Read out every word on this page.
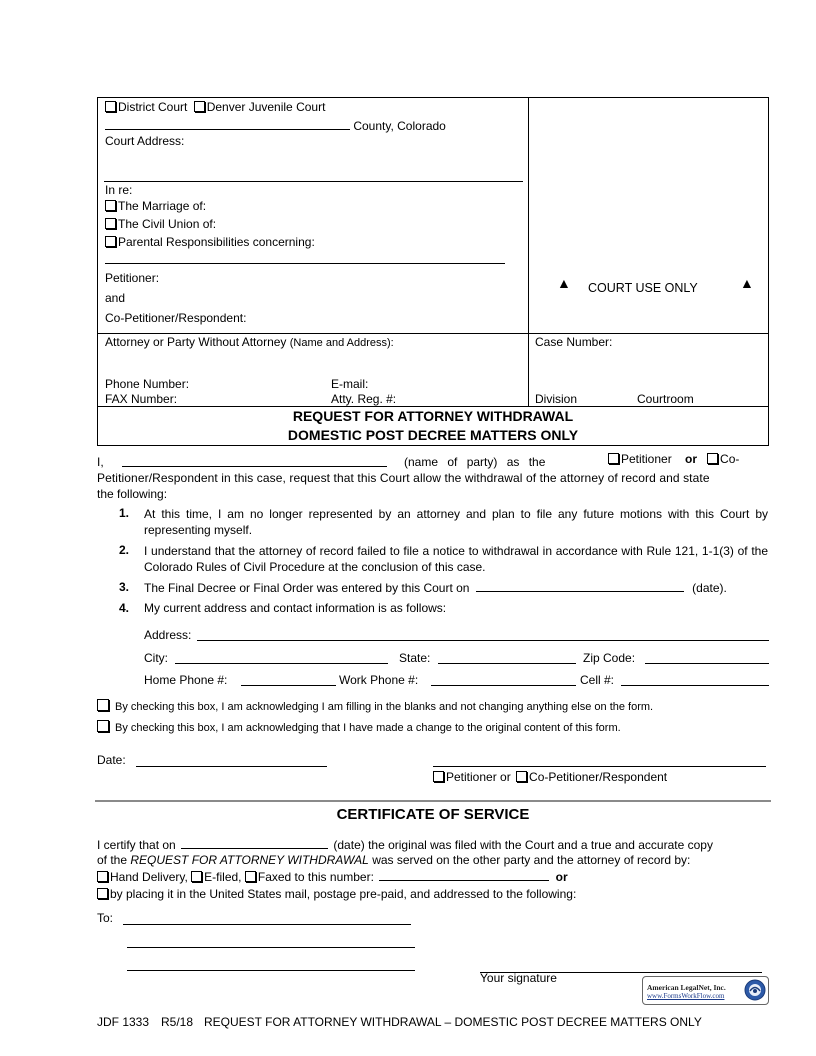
District Court Denver Juvenile Court
County, Colorado
Court Address:
In re:
The Marriage of:
The Civil Union of:
Parental Responsibilities concerning:
Petitioner:
and
Co-Petitioner/Respondent:
▲ COURT USE ONLY	▲
Attorney or Party Without Attorney (Name and Address):
Phone Number:	E-mail:
FAX Number:	Atty. Reg. #:
Case Number:
Division	Courtroom
REQUEST FOR ATTORNEY WITHDRAWAL
DOMESTIC POST DECREE MATTERS ONLY
I,	(name of party) as the	Petitioner or Co-
Petitioner/Respondent in this case, request that this Court allow the withdrawal of the attorney of record and state
the following:
1. At this time, I am no longer represented by an attorney and plan to file any future motions with this Court by representing myself.
2. I understand that the attorney of record failed to file a notice to withdrawal in accordance with Rule 121, 1-1(3) of the Colorado Rules of Civil Procedure at the conclusion of this case.
3. The Final Decree or Final Order was entered by this Court on	(date).
4. My current address and contact information is as follows:
Address:
City:	State:	Zip Code:
Home Phone #:	Work Phone #:	Cell #:
By checking this box, I am acknowledging I am filling in the blanks and not changing anything else on the form.
By checking this box, I am acknowledging that I have made a change to the original content of this form.
Date:
Petitioner or Co-Petitioner/Respondent
CERTIFICATE OF SERVICE
I certify that on	(date) the original was filed with the Court and a true and accurate copy
of the REQUEST FOR ATTORNEY WITHDRAWAL was served on the other party and the attorney of record by:
Hand Delivery, E-filed, Faxed to this number:	or
by placing it in the United States mail, postage pre-paid, and addressed to the following:
To:
Your signature
American LegalNet, Inc.
www.FormsWorkFlow.com
JDF 1333 R5/18 REQUEST FOR ATTORNEY WITHDRAWAL – DOMESTIC POST DECREE MATTERS ONLY
